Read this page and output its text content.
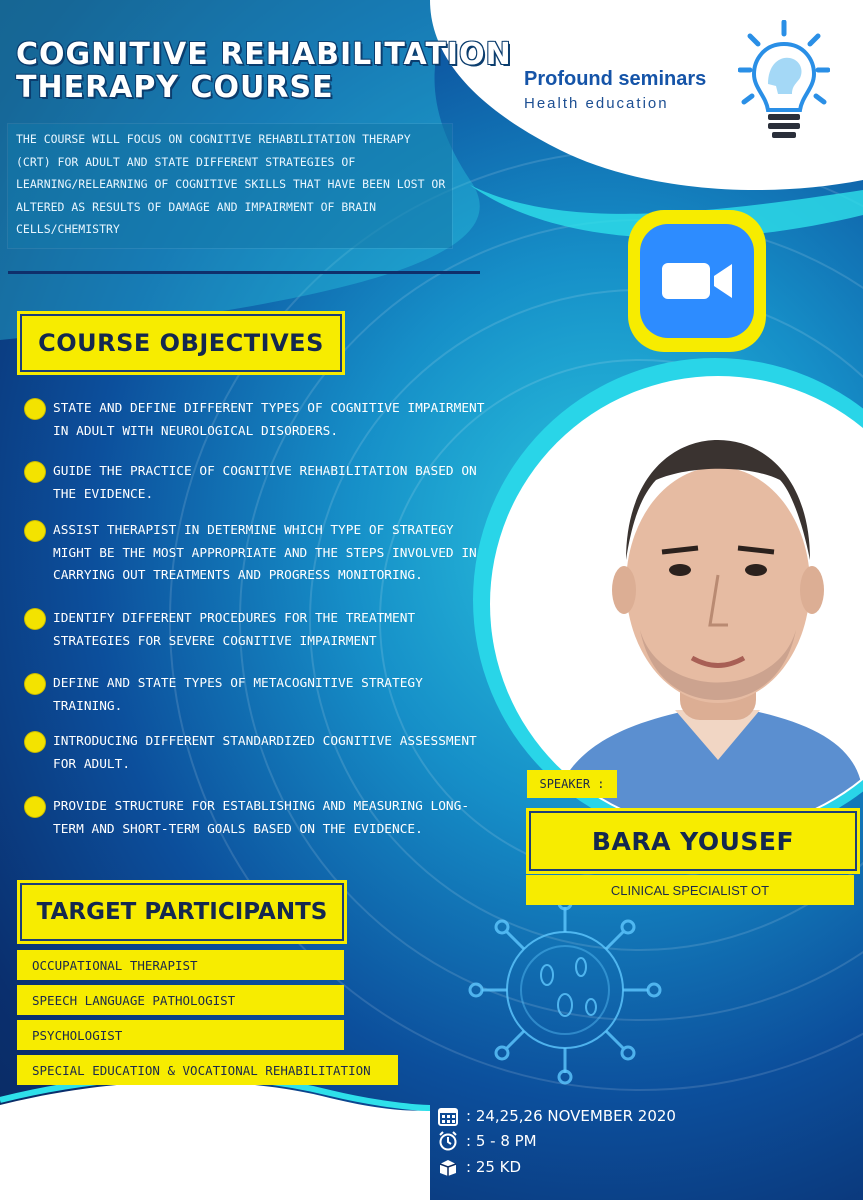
COGNITIVE REHABILITATION
THERAPY COURSE
THE COURSE WILL FOCUS ON COGNITIVE REHABILITATION THERAPY (CRT) FOR ADULT AND STATE DIFFERENT STRATEGIES OF LEARNING/RELEARNING OF COGNITIVE SKILLS THAT HAVE BEEN LOST OR ALTERED AS RESULTS OF DAMAGE AND IMPAIRMENT OF BRAIN CELLS/CHEMISTRY
Profound seminars
Health education
COURSE OBJECTIVES
STATE AND DEFINE DIFFERENT TYPES OF COGNITIVE IMPAIRMENT IN ADULT WITH NEUROLOGICAL DISORDERS.
GUIDE THE PRACTICE OF COGNITIVE REHABILITATION BASED ON THE EVIDENCE.
ASSIST THERAPIST IN DETERMINE WHICH TYPE OF STRATEGY MIGHT BE THE MOST APPROPRIATE AND THE STEPS INVOLVED IN CARRYING OUT TREATMENTS AND PROGRESS MONITORING.
IDENTIFY DIFFERENT PROCEDURES FOR THE TREATMENT STRATEGIES FOR SEVERE COGNITIVE IMPAIRMENT
DEFINE AND STATE TYPES OF METACOGNITIVE STRATEGY TRAINING.
INTRODUCING DIFFERENT STANDARDIZED COGNITIVE ASSESSMENT FOR ADULT.
PROVIDE STRUCTURE FOR ESTABLISHING AND MEASURING LONG-TERM AND SHORT-TERM GOALS BASED ON THE EVIDENCE.
TARGET PARTICIPANTS
OCCUPATIONAL THERAPIST
SPEECH LANGUAGE PATHOLOGIST
PSYCHOLOGIST
SPECIAL EDUCATION & VOCATIONAL REHABILITATION
SPEAKER :
BARA YOUSEF
CLINICAL SPECIALIST OT
: 24,25,26 NOVEMBER 2020
: 5 - 8 PM
: 25 KD
65 77 94 18
